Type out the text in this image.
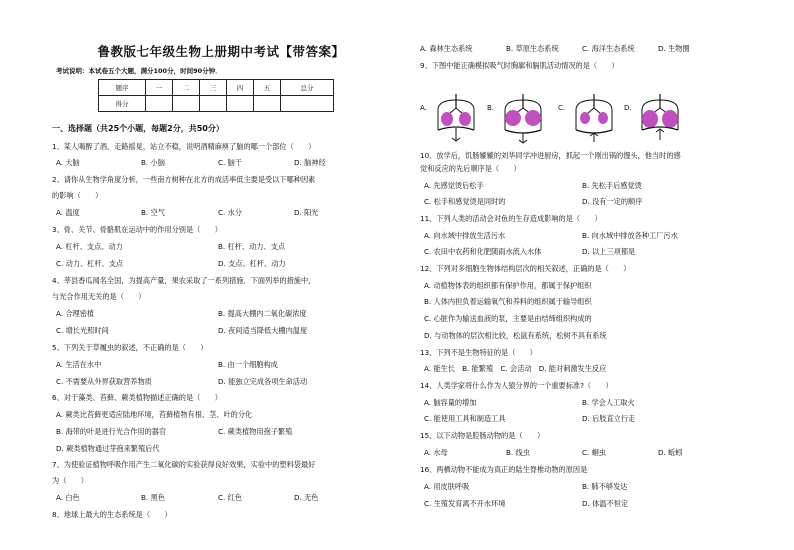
鲁教版七年级生物上册期中考试【带答案】
考试说明：本试卷五个大题，满分100分，时间90分钟．
题序	一	二	三	四	五	总分
得分						
一、选择题（共25个小题，每题2分，共50分）
1、某人喝醉了酒，走路摇晃，站立不稳，说明酒精麻痹了脑的哪一个部位（　　）
A. 大脑	B. 小脑	C. 脑干	D. 脑神经
2、请你从生物学角度分析，一些南方树种在北方的成活率低主要是受以下哪种因素
的影响（　　）
A. 温度	B. 空气	C. 水分	D. 阳光
3、骨、关节、骨骼肌在运动中的作用分别是（　　）
A. 杠杆、支点、动力	B. 杠杆、动力、支点
C. 动力、杠杆、支点	D. 支点、杠杆、动力
4、莘县香瓜闻名全国，为提高产量，果农采取了一系列措施．下面列举的措施中，
与光合作用无关的是（　　）
A. 合理密植	B. 提高大棚内二氧化碳浓度
C. 增长光照时间	D. 夜间适当降低大棚内温度
5、下列关于草履虫的叙述，不正确的是（　　）
A. 生活在水中	B. 由一个细胞构成
C. 不需要从外界获取营养物质	D. 能独立完成各项生命活动
6、对于藻类、苔藓、蕨类植物描述正确的是（　　）
A. 蕨类比苔藓更适应陆地环境，苔藓植物有根、茎、叶的分化
B. 海带的叶是进行光合作用的器官	C. 蕨类植物用孢子繁殖
D. 蕨类植物通过芽孢来繁殖后代
7、为使验证植物呼吸作用产生二氧化碳的实验获得良好效果，实验中的塑料袋最好
为（　　）
A. 白色	B. 黑色	C. 红色	D. 无色
8、地球上最大的生态系统是（　　）
A. 森林生态系统	B. 草原生态系统	C. 海洋生态系统	D. 生物圈
9、下图中能正确模拟吸气时胸廓和膈肌活动情况的是（　　）
A.	B.	C.	D.
10、放学后，饥肠辘辘的刘华同学冲进厨房，抓起一个刚出锅的馒头，他当时的感
觉和反应的先后顺序是（　　）
A. 先感觉烫后松手	B. 先松手后感觉烫
C. 松手和感觉烫是同时的	D. 没有一定的顺序
11、下列人类的活动会对鱼的生存造成影响的是（　　）
A. 向水域中排放生活污水	B. 向水域中排放各种工厂污水
C. 农田中农药和化肥随雨水流入水体	D. 以上三项都是
12、下列对多细胞生物体结构层次的相关叙述，正确的是（　　）
A. 动植物体表的组织都有保护作用，都属于保护组织
B. 人体内担负着运输氧气和养料的组织属于输导组织
C. 心脏作为输送血液的泵，主要是由结缔组织构成的
D. 与动物体的层次相比较，松鼠有系统，松树不具有系统
13、下列不是生物特征的是（　　）
A. 能生长　B. 能繁殖　C. 会活动　D. 能对刺激发生反应
14、人类学家将什么作为人猿分界的一个重要标准?（　　）
A. 脑容量的增加	B. 学会人工取火
C. 能使用工具和制造工具	D. 后肢直立行走
15、以下动物是腔肠动物的是（　　）
A. 水母	B. 线虫	C. 蛔虫	D. 蚯蚓
16、两栖动物不能成为真正的陆生脊椎动物的原因是
A. 用皮肤呼吸	B. 肺不够发达
C. 生殖发育离不开水环境	D. 体温不恒定
